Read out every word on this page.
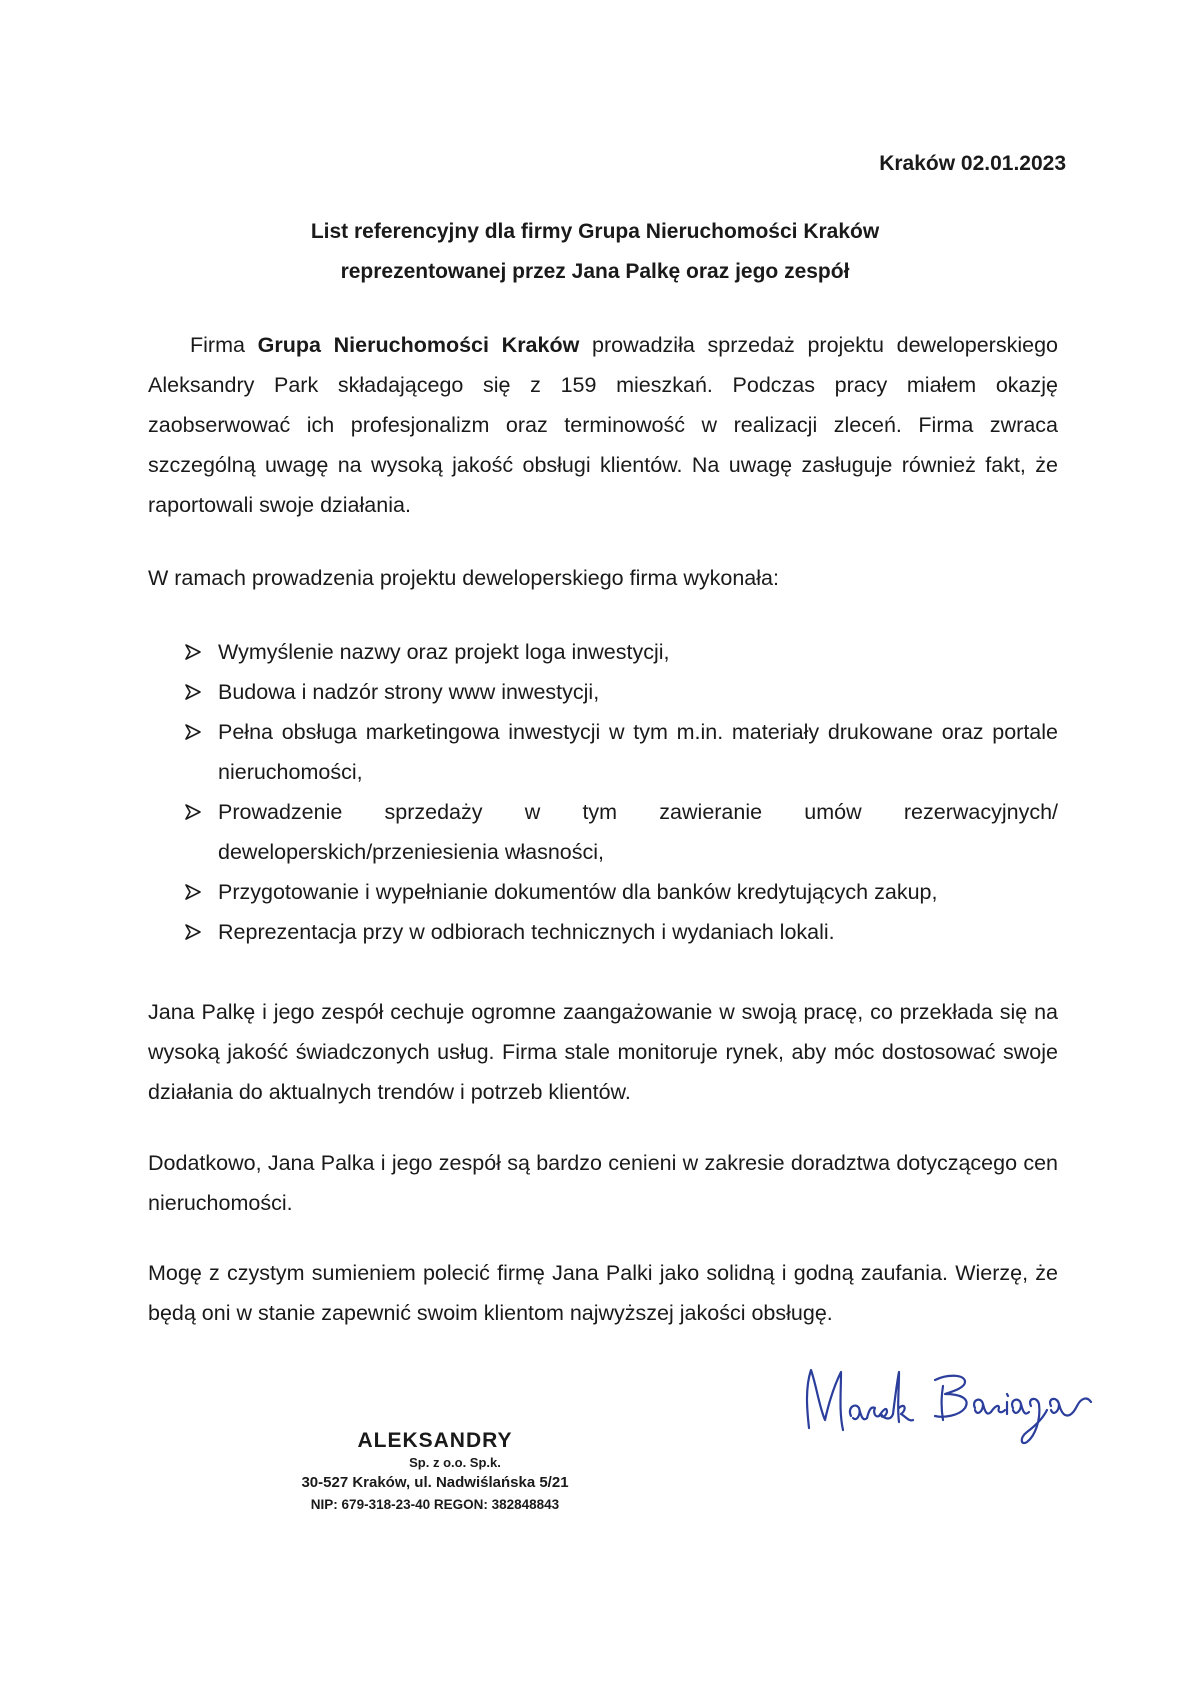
Kraków 02.01.2023
List referencyjny dla firmy Grupa Nieruchomości Kraków
reprezentowanej przez Jana Palkę oraz jego zespół
Firma Grupa Nieruchomości Kraków prowadziła sprzedaż projektu deweloperskiego Aleksandry Park składającego się z 159 mieszkań. Podczas pracy miałem okazję zaobserwować ich profesjonalizm oraz terminowość w realizacji zleceń. Firma zwraca szczególną uwagę na wysoką jakość obsługi klientów. Na uwagę zasługuje również fakt, że raportowali swoje działania.
W ramach prowadzenia projektu deweloperskiego firma wykonała:
Wymyślenie nazwy oraz projekt loga inwestycji,
Budowa i nadzór strony www inwestycji,
Pełna obsługa marketingowa inwestycji w tym m.in. materiały drukowane oraz portale nieruchomości,
Prowadzenie sprzedaży w tym zawieranie umów rezerwacyjnych/ deweloperskich/przeniesienia własności,
Przygotowanie i wypełnianie dokumentów dla banków kredytujących zakup,
Reprezentacja przy w odbiorach technicznych i wydaniach lokali.
Jana Palkę i jego zespół cechuje ogromne zaangażowanie w swoją pracę, co przekłada się na wysoką jakość świadczonych usług. Firma stale monitoruje rynek, aby móc dostosować swoje działania do aktualnych trendów i potrzeb klientów.
Dodatkowo, Jana Palka i jego zespół są bardzo cenieni w zakresie doradztwa dotyczącego cen nieruchomości.
Mogę z czystym sumieniem polecić firmę Jana Palki jako solidną i godną zaufania. Wierzę, że będą oni w stanie zapewnić swoim klientom najwyższej jakości obsługę.
ALEKSANDRY
Sp. z o.o. Sp.k.
30-527 Kraków, ul. Nadwiślańska 5/21
NIP: 679-318-23-40 REGON: 382848843
